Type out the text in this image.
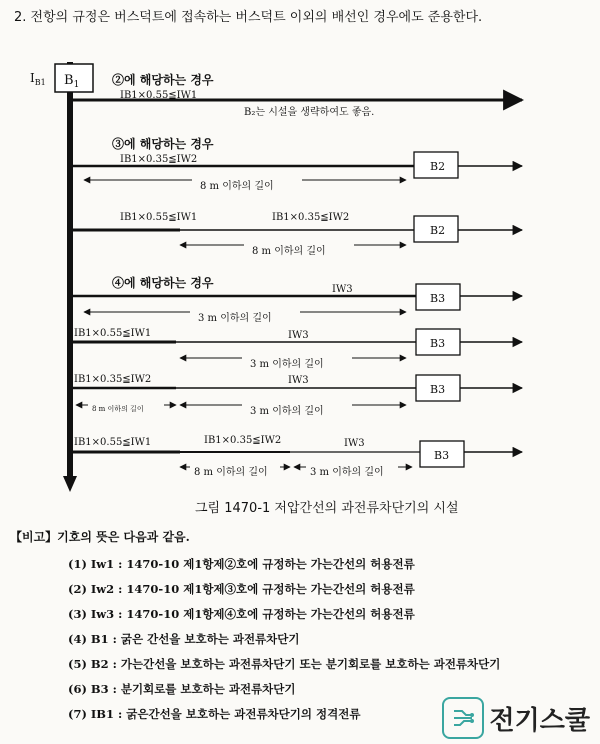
2. 전항의 규정은 버스덕트에 접속하는 버스덕트 이외의 배선인 경우에도 준용한다.
$B_1$
$I_{B1}$	②에 해당하는 경우
IB1×0.55≦IW1
B₂는 시설을 생략하여도 좋음.
③에 해당하는 경우
IB1×0.35≦IW2
B2
8 m 이하의 길이
IB1×0.55≦IW1	IB1×0.35≦IW2
B2
8 m 이하의 길이
④에 해당하는 경우	IW3
B3
3 m 이하의 길이
IB1×0.55≦IW1	IW3
B3
3 m 이하의 길이
IB1×0.35≦IW2	IW3
B3
8 m 이하의 길이	3 m 이하의 길이
IB1×0.55≦IW1	IB1×0.35≦IW2	IW3
B3
8 m 이하의 길이	3 m 이하의 길이
그림 1470-1 저압간선의 과전류차단기의 시설
【비고】기호의 뜻은 다음과 같음.
(1) Iw1 : 1470-10 제1항제②호에 규정하는 가는간선의 허용전류
(2) Iw2 : 1470-10 제1항제③호에 규정하는 가는간선의 허용전류
(3) Iw3 : 1470-10 제1항제④호에 규정하는 가는간선의 허용전류
(4) B1 : 굵은 간선을 보호하는 과전류차단기
(5) B2 : 가는간선을 보호하는 과전류차단기 또는 분기회로를 보호하는 과전류차단기
(6) B3 : 분기회로를 보호하는 과전류차단기
(7) IB1 : 굵은간선을 보호하는 과전류차단기의 정격전류	전기스쿨
